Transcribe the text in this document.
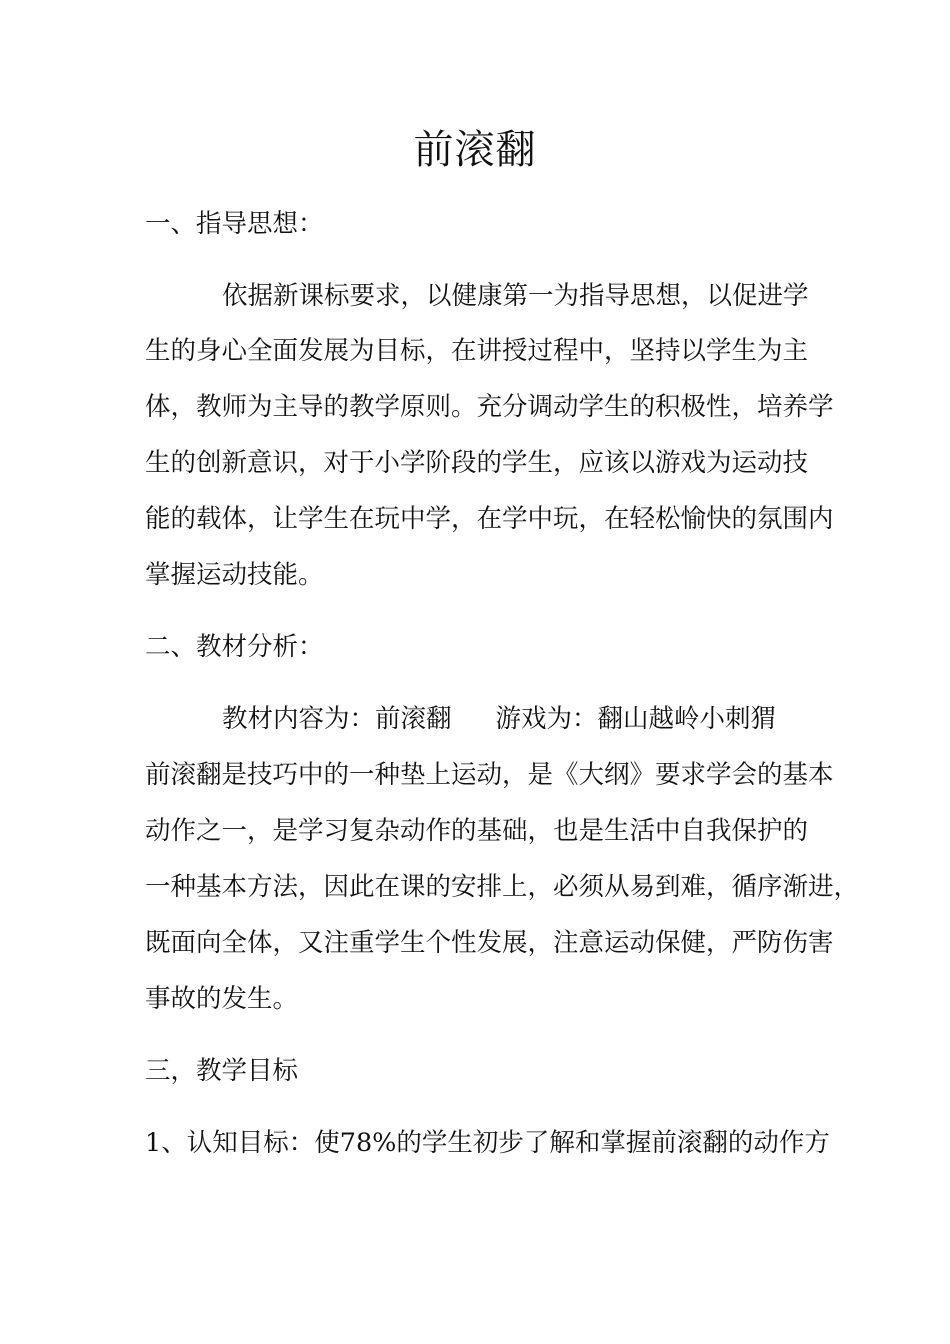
前滚翻

一、指导思想：

依据新课标要求，以健康第一为指导思想，以促进学

生的身心全面发展为目标，在讲授过程中，坚持以学生为主

体，教师为主导的教学原则。充分调动学生的积极性，培养学

生的创新意识，对于小学阶段的学生，应该以游戏为运动技

能的载体，让学生在玩中学，在学中玩，在轻松愉快的氛围内

掌握运动技能。

二、教材分析：

教材内容为：前滚翻 游戏为：翻山越岭小刺猬

前滚翻是技巧中的一种垫上运动，是《大纲》要求学会的基本

动作之一，是学习复杂动作的基础，也是生活中自我保护的

一种基本方法，因此在课的安排上，必须从易到难，循序渐进，

既面向全体，又注重学生个性发展，注意运动保健，严防伤害

事故的发生。

三，教学目标

1、认知目标：使78%的学生初步了解和掌握前滚翻的动作方
